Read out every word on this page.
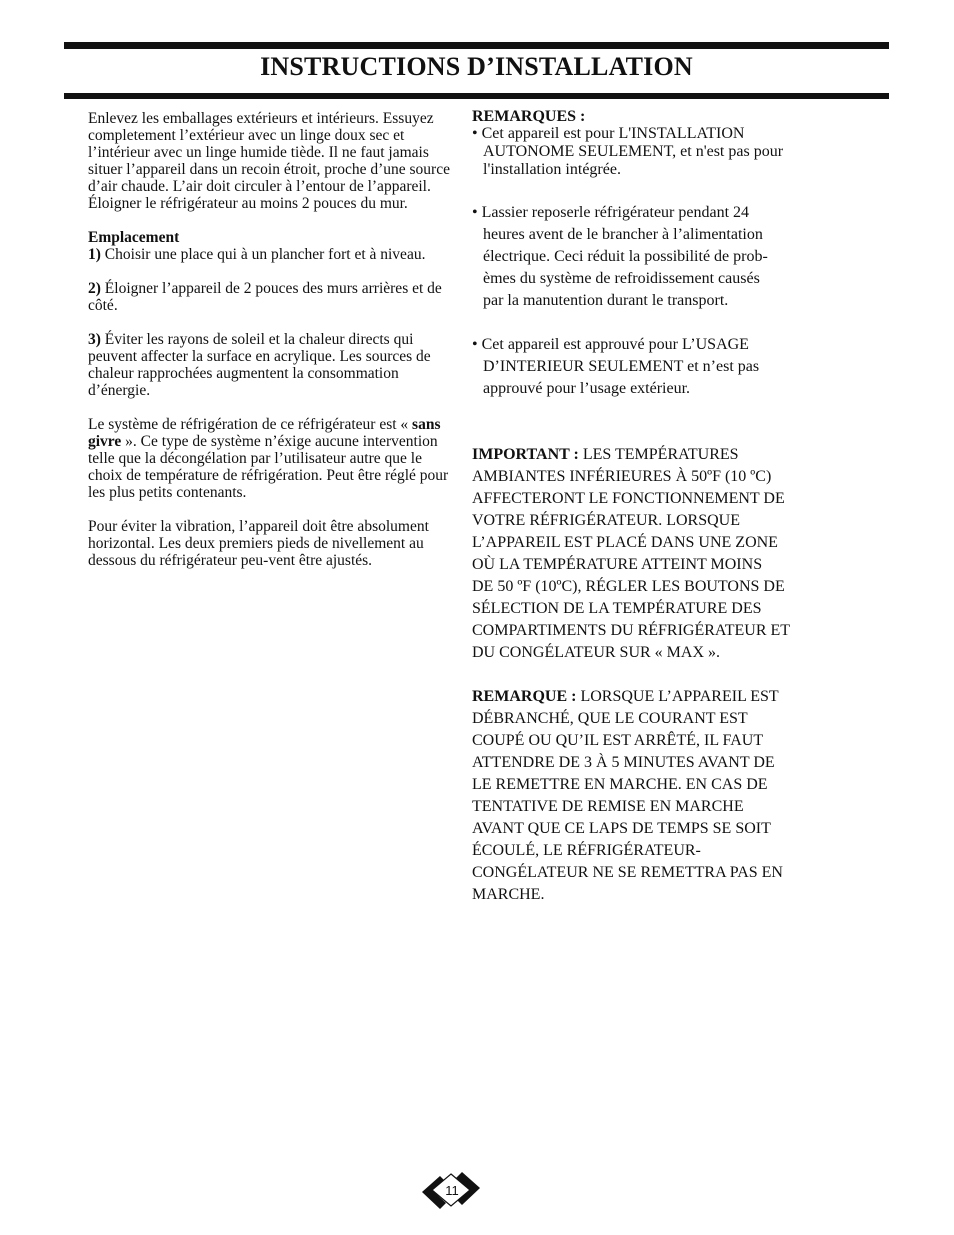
INSTRUCTIONS D’INSTALLATION

Enlevez les emballages extérieurs et intérieurs. Essuyez completement l’extérieur avec un linge doux sec et l’intérieur avec un linge humide tiède. Il ne faut jamais situer l’appareil dans un recoin étroit, proche d’une source d’air chaude. L’air doit circuler à l’entour de l’appareil. Éloigner le réfrigérateur au moins 2 pouces du mur.

Emplacement
1) Choisir une place qui à un plancher fort et à niveau.

2) Éloigner l’appareil de 2 pouces des murs arrières et de côté.

3) Éviter les rayons de soleil et la chaleur directs qui peuvent affecter la surface en acrylique. Les sources de chaleur rapprochées augmentent la consommation d’énergie.

Le système de réfrigération de ce réfrigérateur est « sans givre ». Ce type de système n’éxige aucune intervention telle que la décongélation par l’utilisateur autre que le choix de température de réfrigération. Peut être réglé pour les plus petits contenants.

Pour éviter la vibration, l’appareil doit être absolument horizontal. Les deux premiers pieds de nivellement au dessous du réfrigérateur peu-vent être ajustés.

REMARQUES :

• Cet appareil est pour L'INSTALLATION
AUTONOME SEULEMENT, et n'est pas pour
l'installation intégrée.
• Lassier reposerle réfrigérateur pendant 24
heures avent de le brancher à l’alimentation
électrique. Ceci réduit la possibilité de prob-
èmes du système de refroidissement causés
par la manutention durant le transport.
• Cet appareil est approuvé pour L’USAGE
D’INTERIEUR SEULEMENT et n’est pas
approuvé pour l’usage extérieur.
IMPORTANT : LES TEMPÉRATURES
AMBIANTES INFÉRIEURES À 50ºF (10 ºC)
AFFECTERONT LE FONCTIONNEMENT DE
VOTRE RÉFRIGÉRATEUR. LORSQUE
L’APPAREIL EST PLACÉ DANS UNE ZONE
OÙ LA TEMPÉRATURE ATTEINT MOINS
DE 50 ºF (10ºC), RÉGLER LES BOUTONS DE
SÉLECTION DE LA TEMPÉRATURE DES
COMPARTIMENTS DU RÉFRIGÉRATEUR ET
DU CONGÉLATEUR SUR « MAX ».
REMARQUE : LORSQUE L’APPAREIL EST
DÉBRANCHÉ, QUE LE COURANT EST
COUPÉ OU QU’IL EST ARRÊTÉ, IL FAUT
ATTENDRE DE 3 À 5 MINUTES AVANT DE
LE REMETTRE EN MARCHE. EN CAS DE
TENTATIVE DE REMISE EN MARCHE
AVANT QUE CE LAPS DE TEMPS SE SOIT
ÉCOULÉ, LE RÉFRIGÉRATEUR-
CONGÉLATEUR NE SE REMETTRA PAS EN
MARCHE.
11
